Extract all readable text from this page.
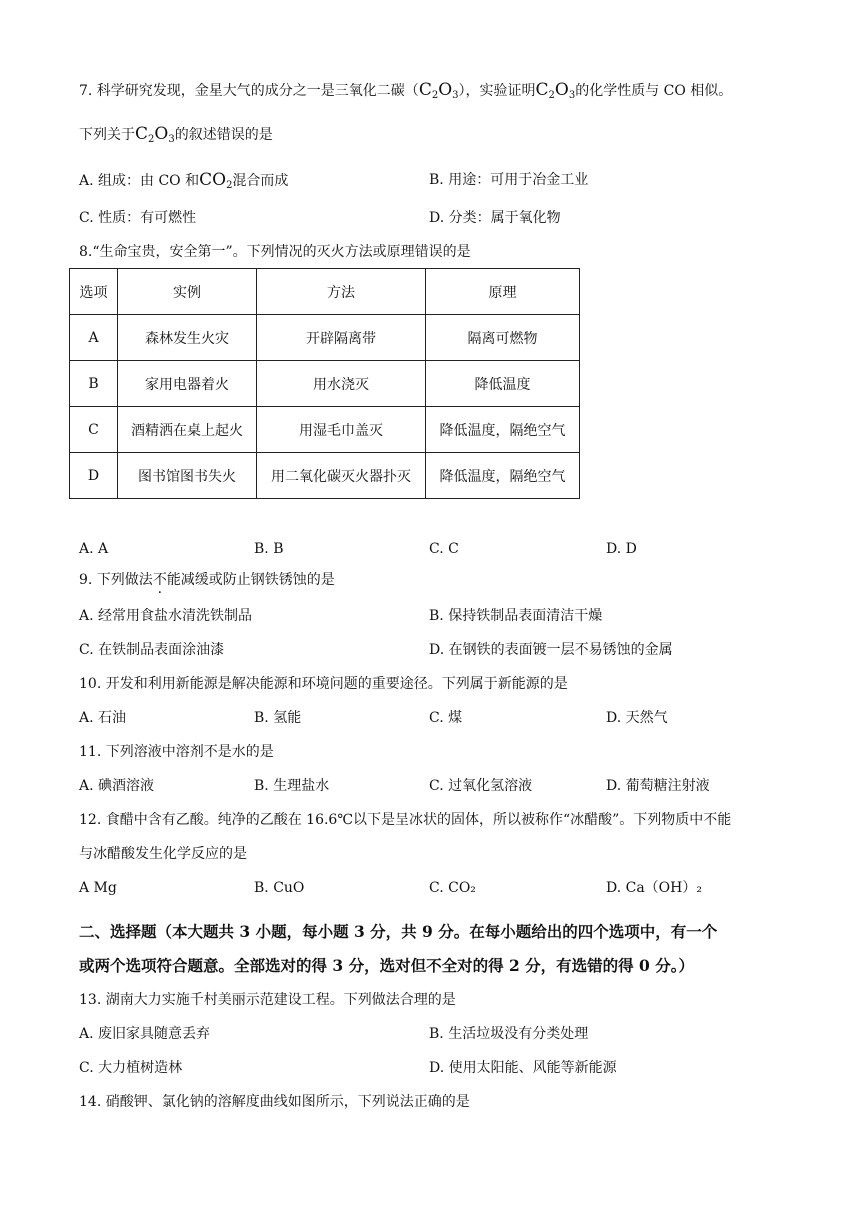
7. 科学研究发现，金星大气的成分之一是三氧化二碳$(C_2O_3)$，实验证明$C_2O_3$的化学性质与 CO 相似。
下列关于$C_2O_3$的叙述错误的是
A. 组成：由 CO 和$CO_2$混合而成	B. 用途：可用于冶金工业
C. 性质：有可燃性	D. 分类：属于氧化物
8.“生命宝贵，安全第一”。下列情况的灭火方法或原理错误的是
选项	实例	方法	原理
A	森林发生火灾	开辟隔离带	隔离可燃物
B	家用电器着火	用水浇灭	降低温度
C	酒精洒在桌上起火	用湿毛巾盖灭	降低温度，隔绝空气
D	图书馆图书失火	用二氧化碳灭火器扑灭	降低温度，隔绝空气
A. A	B. B	C. C	D. D
9. 下列做法不能减缓或防止钢铁锈蚀的是
A. 经常用食盐水清洗铁制品	B. 保持铁制品表面清洁干燥
C. 在铁制品表面涂油漆	D. 在钢铁的表面镀一层不易锈蚀的金属
10. 开发和利用新能源是解决能源和环境问题的重要途径。下列属于新能源的是
A. 石油	B. 氢能	C. 煤	D. 天然气
11. 下列溶液中溶剂不是水的是
A. 碘酒溶液	B. 生理盐水	C. 过氧化氢溶液	D. 葡萄糖注射液
12. 食醋中含有乙酸。纯净的乙酸在 16.6℃以下是呈冰状的固体，所以被称作“冰醋酸”。下列物质中不能
与冰醋酸发生化学反应的是
A Mg	B. CuO	C. CO₂	D. Ca（OH）₂
二、选择题（本大题共 3 小题，每小题 3 分，共 9 分。在每小题给出的四个选项中，有一个
或两个选项符合题意。全部选对的得 3 分，选对但不全对的得 2 分，有选错的得 0 分。）
13. 湖南大力实施千村美丽示范建设工程。下列做法合理的是
A. 废旧家具随意丢弃	B. 生活垃圾没有分类处理
C. 大力植树造林	D. 使用太阳能、风能等新能源
14. 硝酸钾、氯化钠的溶解度曲线如图所示，下列说法正确的是
